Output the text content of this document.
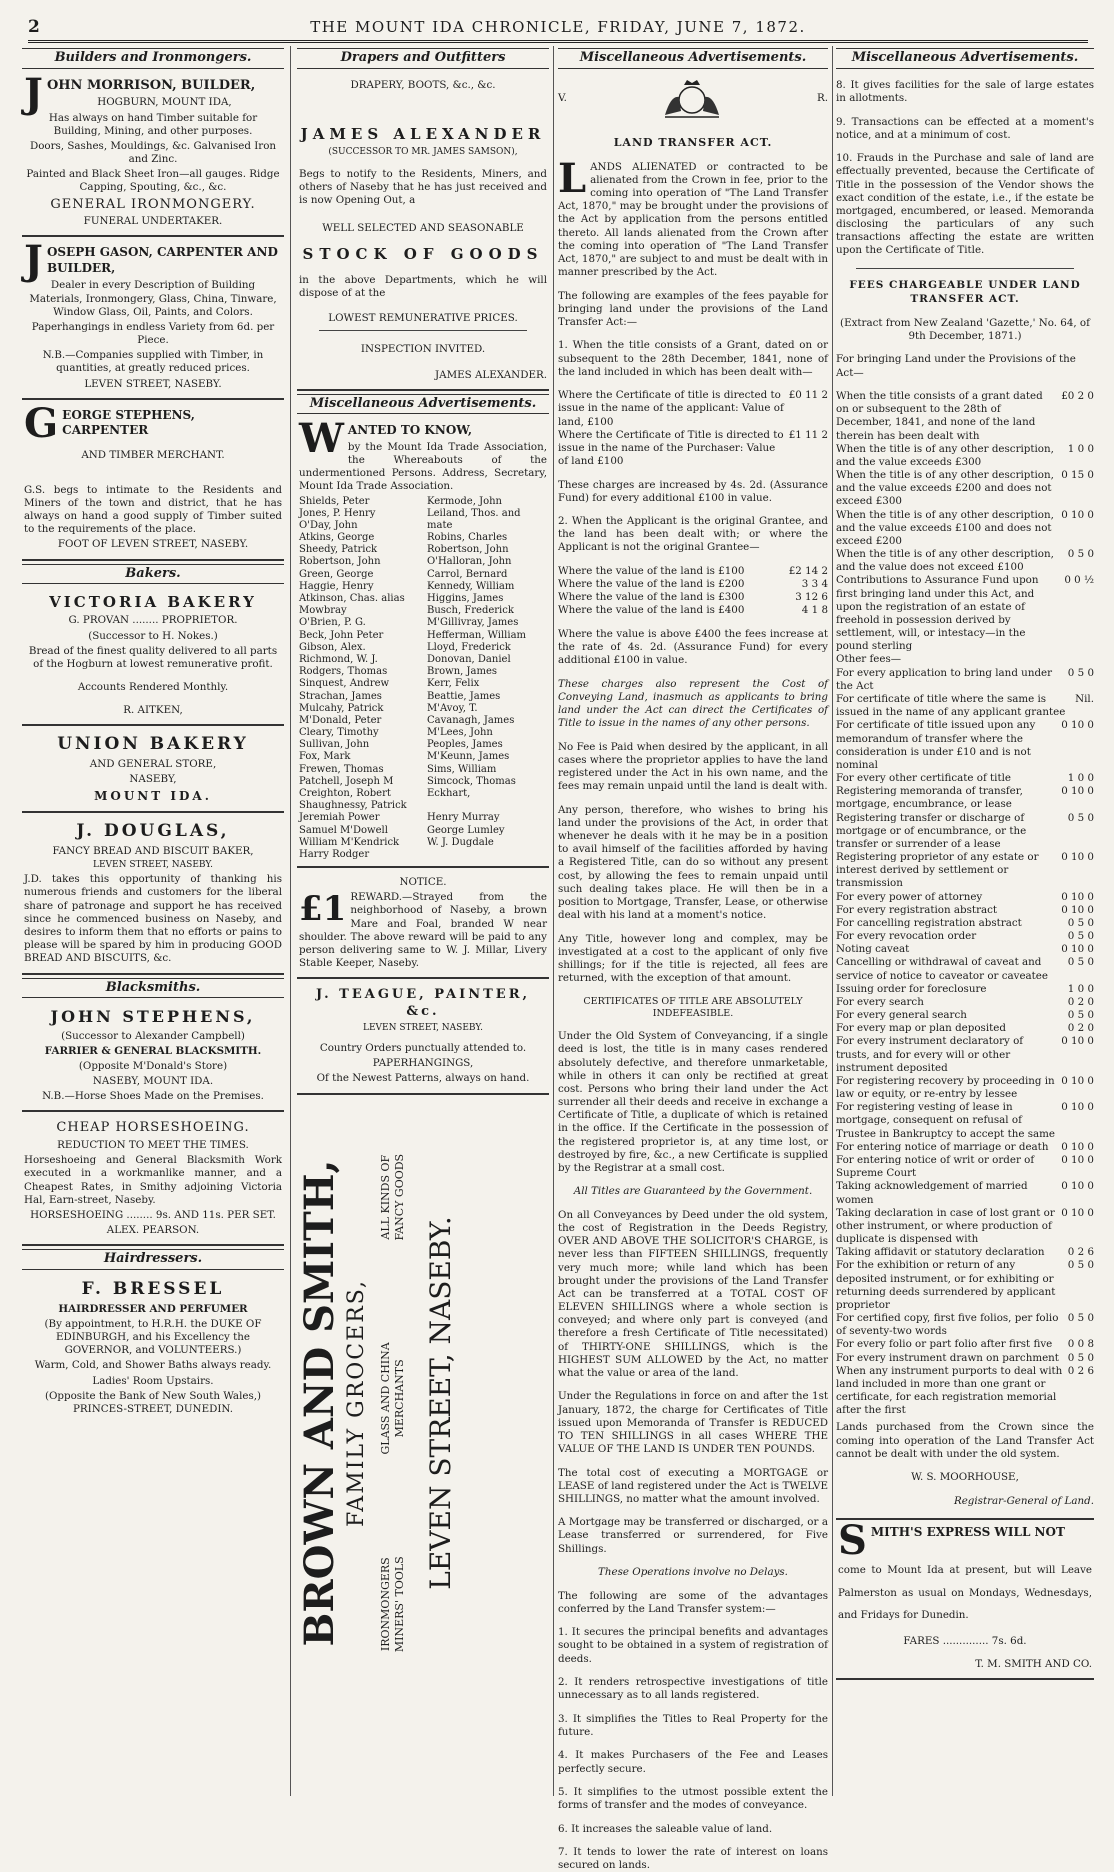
2	THE MOUNT IDA CHRONICLE, FRIDAY, JUNE 7, 1872.
Builders and Ironmongers.
J OHN MORRISON, BUILDER,

HOGBURN, MOUNT IDA,

Has always on hand Timber suitable for Building, Mining, and other purposes.

Doors, Sashes, Mouldings, &c. Galvanised Iron and Zinc.

Painted and Black Sheet Iron—all gauges. Ridge Capping, Spouting, &c., &c.

GENERAL IRONMONGERY.

FUNERAL UNDERTAKER.

J OSEPH GASON, CARPENTER AND BUILDER,

Dealer in every Description of Building Materials, Ironmongery, Glass, China, Tinware, Window Glass, Oil, Paints, and Colors.

Paperhangings in endless Variety from 6d. per Piece.

N.B.—Companies supplied with Timber, in quantities, at greatly reduced prices.

LEVEN STREET, NASEBY.

G EORGE STEPHENS, CARPENTER

AND TIMBER MERCHANT.

G.S. begs to intimate to the Residents and Miners of the town and district, that he has always on hand a good supply of Timber suited to the requirements of the place.

FOOT OF LEVEN STREET, NASEBY.

Bakers.

VICTORIA BAKERY

G. PROVAN ........ PROPRIETOR.

(Successor to H. Nokes.)

Bread of the finest quality delivered to all parts of the Hogburn at lowest remunerative profit.

Accounts Rendered Monthly.

R. AITKEN,

UNION BAKERY

AND GENERAL STORE,

NASEBY,

MOUNT IDA.

J. DOUGLAS,

FANCY BREAD AND BISCUIT BAKER,

LEVEN STREET, NASEBY.

J.D. takes this opportunity of thanking his numerous friends and customers for the liberal share of patronage and support he has received since he commenced business on Naseby, and desires to inform them that no efforts or pains to please will be spared by him in producing GOOD BREAD AND BISCUITS, &c.

Blacksmiths.

JOHN STEPHENS,

(Successor to Alexander Campbell)

FARRIER & GENERAL BLACKSMITH.

(Opposite M'Donald's Store)

NASEBY, MOUNT IDA.

N.B.—Horse Shoes Made on the Premises.

CHEAP HORSESHOEING.

REDUCTION TO MEET THE TIMES.

Horseshoeing and General Blacksmith Work executed in a workmanlike manner, and a Cheapest Rates, in Smithy adjoining Victoria Hal, Earn-street, Naseby.

HORSESHOEING ........ 9s. AND 11s. PER SET.

ALEX. PEARSON.

Hairdressers.

F. BRESSEL

HAIRDRESSER AND PERFUMER

(By appointment, to H.R.H. the DUKE OF EDINBURGH, and his Excellency the GOVERNOR, and VOLUNTEERS.)

Warm, Cold, and Shower Baths always ready.

Ladies' Room Upstairs.

(Opposite the Bank of New South Wales,) PRINCES-STREET, DUNEDIN.

Drapers and Outfitters

DRAPERY, BOOTS, &c., &c.

JAMES ALEXANDER

(SUCCESSOR TO MR. JAMES SAMSON),

Begs to notify to the Residents, Miners, and others of Naseby that he has just received and is now Opening Out, a

WELL SELECTED AND SEASONABLE

STOCK OF GOODS

in the above Departments, which he will dispose of at the

LOWEST REMUNERATIVE PRICES.

INSPECTION INVITED.

JAMES ALEXANDER.

Miscellaneous Advertisements.
W ANTED TO KNOW,

by the Mount Ida Trade Association, the Whereabouts of the undermentioned Persons. Address, Secretary, Mount Ida Trade Association.

Shields, Peter	Kermode, John
Jones, P. Henry	Leiland, Thos. and
O'Day, John	mate
Atkins, George	Robins, Charles
Sheedy, Patrick	Robertson, John
Robertson, John	O'Halloran, John
Green, George	Carrol, Bernard
Haggie, Henry	Kennedy, William
Atkinson, Chas. alias	Higgins, James
Mowbray	Busch, Frederick
O'Brien, P. G.	M'Gillivray, James
Beck, John Peter	Hefferman, William
Gibson, Alex.	Lloyd, Frederick
Richmond, W. J.	Donovan, Daniel
Rodgers, Thomas	Brown, James
Sinquest, Andrew	Kerr, Felix
Strachan, James	Beattie, James
Mulcahy, Patrick	M'Avoy, T.
M'Donald, Peter	Cavanagh, James
Cleary, Timothy	M'Lees, John
Sullivan, John	Peoples, James
Fox, Mark	M'Keunn, James
Frewen, Thomas	Sims, William
Patchell, Joseph M	Simcock, Thomas
Creighton, Robert	Eckhart,
Shaughnessy, Patrick

Jeremiah Power	Henry Murray
Samuel M'Dowell	George Lumley
William M'Kendrick	W. J. Dugdale
Harry Rodger

NOTICE.

£1 REWARD.—Strayed from the neighborhood of Naseby, a brown Mare and Foal, branded W near shoulder. The above reward will be paid to any person delivering same to W. J. Millar, Livery Stable Keeper, Naseby.

J. TEAGUE, PAINTER, &c.

LEVEN STREET, NASEBY.

Country Orders punctually attended to.

PAPERHANGINGS,

Of the Newest Patterns, always on hand.

BROWN AND SMITH, FAMILY GROCERS,
IRONMONGERS MINERS' TOOLS
GLASS AND CHINA MERCHANTS
ALL KINDS OF FANCY GOODS
LEVEN STREET, NASEBY.
Miscellaneous Advertisements.
V.	R.

LAND TRANSFER ACT.

LANDS ALIENATED or contracted to be alienated from the Crown in fee, prior to the coming into operation of "The Land Transfer Act, 1870," may be brought under the provisions of the Act by application from the persons entitled thereto. All lands alienated from the Crown after the coming into operation of "The Land Transfer Act, 1870," are subject to and must be dealt with in manner prescribed by the Act.

The following are examples of the fees payable for bringing land under the provisions of the Land Transfer Act:—

1. When the title consists of a Grant, dated on or subsequent to the 28th December, 1841, none of the land included in which has been dealt with—

Where the Certificate of title is directed to issue in the name of the applicant: Value of land, £100
£0 11 2
Where the Certificate of Title is directed to issue in the name of the Purchaser: Value of land £100
£1 11 2

These charges are increased by 4s. 2d. (Assurance Fund) for every additional £100 in value.

2. When the Applicant is the original Grantee, and the land has been dealt with; or where the Applicant is not the original Grantee—

Where the value of the land is £100	£2 14 2
Where the value of the land is £200	3 3 4
Where the value of the land is £300	3 12 6
Where the value of the land is £400	4 1 8

Where the value is above £400 the fees increase at the rate of 4s. 2d. (Assurance Fund) for every additional £100 in value.

These charges also represent the Cost of Conveying Land, inasmuch as applicants to bring land under the Act can direct the Certificates of Title to issue in the names of any other persons.

No Fee is Paid when desired by the applicant, in all cases where the proprietor applies to have the land registered under the Act in his own name, and the fees may remain unpaid until the land is dealt with.

Any person, therefore, who wishes to bring his land under the provisions of the Act, in order that whenever he deals with it he may be in a position to avail himself of the facilities afforded by having a Registered Title, can do so without any present cost, by allowing the fees to remain unpaid until such dealing takes place. He will then be in a position to Mortgage, Transfer, Lease, or otherwise deal with his land at a moment's notice.

Any Title, however long and complex, may be investigated at a cost to the applicant of only five shillings; for if the title is rejected, all fees are returned, with the exception of that amount.

CERTIFICATES OF TITLE ARE ABSOLUTELY INDEFEASIBLE.

Under the Old System of Conveyancing, if a single deed is lost, the title is in many cases rendered absolutely defective, and therefore unmarketable, while in others it can only be rectified at great cost. Persons who bring their land under the Act surrender all their deeds and receive in exchange a Certificate of Title, a duplicate of which is retained in the office. If the Certificate in the possession of the registered proprietor is, at any time lost, or destroyed by fire, &c., a new Certificate is supplied by the Registrar at a small cost.

All Titles are Guaranteed by the Government.

On all Conveyances by Deed under the old system, the cost of Registration in the Deeds Registry, OVER AND ABOVE THE SOLICITOR'S CHARGE, is never less than FIFTEEN SHILLINGS, frequently very much more; while land which has been brought under the provisions of the Land Transfer Act can be transferred at a TOTAL COST OF ELEVEN SHILLINGS where a whole section is conveyed; and where only part is conveyed (and therefore a fresh Certificate of Title necessitated) of THIRTY-ONE SHILLINGS, which is the HIGHEST SUM ALLOWED by the Act, no matter what the value or area of the land.

Under the Regulations in force on and after the 1st January, 1872, the charge for Certificates of Title issued upon Memoranda of Transfer is REDUCED TO TEN SHILLINGS in all cases WHERE THE VALUE OF THE LAND IS UNDER TEN POUNDS.

The total cost of executing a MORTGAGE or LEASE of land registered under the Act is TWELVE SHILLINGS, no matter what the amount involved.

A Mortgage may be transferred or discharged, or a Lease transferred or surrendered, for Five Shillings.

These Operations involve no Delays.

The following are some of the advantages conferred by the Land Transfer system:—

1. It secures the principal benefits and advantages sought to be obtained in a system of registration of deeds.

2. It renders retrospective investigations of title unnecessary as to all lands registered.

3. It simplifies the Titles to Real Property for the future.

4. It makes Purchasers of the Fee and Leases perfectly secure.

5. It simplifies to the utmost possible extent the forms of transfer and the modes of conveyance.

6. It increases the saleable value of land.

7. It tends to lower the rate of interest on loans secured on lands.

Miscellaneous Advertisements.

8. It gives facilities for the sale of large estates in allotments.

9. Transactions can be effected at a moment's notice, and at a minimum of cost.

10. Frauds in the Purchase and sale of land are effectually prevented, because the Certificate of Title in the possession of the Vendor shows the exact condition of the estate, i.e., if the estate be mortgaged, encumbered, or leased. Memoranda disclosing the particulars of any such transactions affecting the estate are written upon the Certificate of Title.

FEES CHARGEABLE UNDER LAND TRANSFER ACT.

(Extract from New Zealand 'Gazette,' No. 64, of 9th December, 1871.)

For bringing Land under the Provisions of the Act—

When the title consists of a grant dated on or subsequent to the 28th of December, 1841, and none of the land therein has been dealt with
£0 2 0
When the title is of any other description, and the value exceeds £300
1 0 0
When the title is of any other description, and the value exceeds £200 and does not exceed £300
0 15 0
When the title is of any other description, and the value exceeds £100 and does not exceed £200
0 10 0
When the title is of any other description, and the value does not exceed £100
0 5 0
Contributions to Assurance Fund upon first bringing land under this Act, and upon the registration of an estate of freehold in possession derived by settlement, will, or intestacy—in the pound sterling
0 0 ½
Other fees—
For every application to bring land under the Act
0 5 0
For certificate of title where the same is issued in the name of any applicant grantee
Nil.
For certificate of title issued upon any memorandum of transfer where the consideration is under £10 and is not nominal
0 10 0
For every other certificate of title	1 0 0
Registering memoranda of transfer, mortgage, encumbrance, or lease
0 10 0
Registering transfer or discharge of mortgage or of encumbrance, or the transfer or surrender of a lease
0 5 0
Registering proprietor of any estate or interest derived by settlement or transmission
0 10 0
For every power of attorney	0 10 0
For every registration abstract	0 10 0
For cancelling registration abstract	0 5 0
For every revocation order	0 5 0
Noting caveat	0 10 0
Cancelling or withdrawal of caveat and service of notice to caveator or caveatee
0 5 0
Issuing order for foreclosure	1 0 0
For every search	0 2 0
For every general search	0 5 0
For every map or plan deposited	0 2 0
For every instrument declaratory of trusts, and for every will or other instrument deposited
0 10 0
For registering recovery by proceeding in law or equity, or re-entry by lessee
0 10 0
For registering vesting of lease in mortgage, consequent on refusal of Trustee in Bankruptcy to accept the same
0 10 0
For entering notice of marriage or death 0 10 0
For entering notice of writ or order of Supreme Court
0 10 0
Taking acknowledgement of married women
0 10 0
Taking declaration in case of lost grant or other instrument, or where production of duplicate is dispensed with
0 10 0
Taking affidavit or statutory declaration 0 2 6
For the exhibition or return of any deposited instrument, or for exhibiting or returning deeds surrendered by applicant proprietor
0 5 0
For certified copy, first five folios, per folio of seventy-two words
0 5 0
For every folio or part folio after first five 0 0 8
For every instrument drawn on parchment 0 5 0
When any instrument purports to deal with land included in more than one grant or certificate, for each registration memorial after the first
0 2 6

Lands purchased from the Crown since the coming into operation of the Land Transfer Act cannot be dealt with under the old system.

W. S. MOORHOUSE,

Registrar-General of Land.

S MITH'S EXPRESS WILL NOT

come to Mount Ida at present, but will Leave Palmerston as usual on Mondays, Wednesdays, and Fridays for Dunedin.

FARES .............. 7s. 6d.

T. M. SMITH AND CO.
